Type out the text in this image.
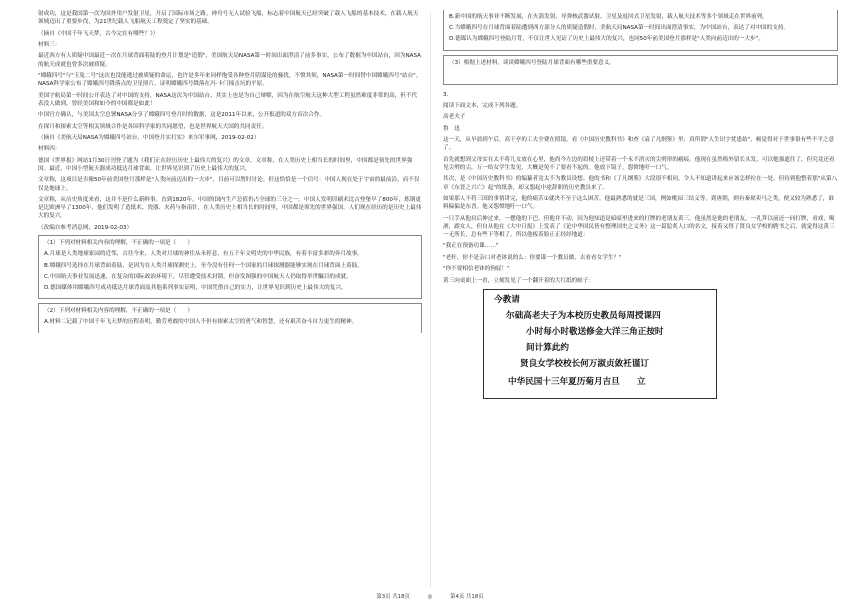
射成功，这是我国第一次为国外用户发射卫星，开启了国际市场之路。神舟号无人试验飞船，标志着中国航天已经突破了载人飞船的基本技术，在载人航天领域迈出了重要步伐，为21世纪载人飞船航天工程奠定了坚实的基础。

（摘自《中国千年飞天梦，古今完在有哪些？》）

材料三：

最近西方有人质疑中国最近一次在月球背面着陆的登月计划是"造假"，美国航天局NASA第一时间出面澄清了前多事实，公布了数据为中国站台，因为NASA的航天成就也曾多次被质疑。

"嫦娥四号"与"玉兔二号"这次也没能逃过被质疑的命运，也许是多年来同样饱受各种登月阴谋论的骚扰，不愤其烦，NASA第一时间替中国嫦娥四号"站台"。NASA科学家公布了嫦娥四号降落点的卫星照片，证明嫦娥四号降落在冯·卡门撞击坑的平原。

美国宇航局第一时间公开表达了对中国的支持，NASA这次为中国站台，其实上也是为自己辩解，因为在航空航天这种大型工程虽然难度非常的高，但不代表没人做到，曾经美国和如今的中国都是如此！

中国官方确认，与美国太空总署NASA分享了嫦娥四号登月时的数据，这是2011年以来，公开报道的双方首次合作。

在探月和探索太空等相关领域合作是各国科学家的共同愿望，也是世界航天大国的共同责任。

（摘自《美航天局NASA为嫦娥四号站台，中国登月实打实》来尔军事网，2019-02-02）

材料四：

德国《世界报》网站1月30日刊登了题为《我们正在经历历史上最伟大的复兴》的文章。文章称，在人类历史上相当长的时间里，中国都是领先的世界强国。最近，中国小型航天器成功抵达月球背面，让世界见识到了历史上最伟大的复兴。

文章称，这项目是否像50年前美国登月那样是"人类向前迈出的一大步"，目前可以暂时讨论。但这恰恰是一个信号：中国人现在处于宇宙的最前沿，而不仅仅是地球上。

文章称，从历史角度来看，这并不是什么新鲜事。直到1820年，中国的国内生产总值仍占全球的三分之一。中国人发明印刷术比古登堡早了800年，炼钢更是比欧洲早了1300年，他们发明了造纸术、瓷器、火药与指南针，在人类历史上相当长的时间里，中国都是领先的世界强国。人们现在经历的是历史上最伟大的复兴。

（改编自参考消息网，2019-02-03）

（1）下列对材料相关内容的理解，不正确的一项是（　　）

A.月球是人类地球家园的近邻，古往今来，人类对月球的神往从未停息，有五千年文明史的中华民族，有着丰富多彩的奔月故事。

B.嫦娥四号选择在月球背面着陆，是因为在人类月球探测史上，至今没有任何一个国家的月球探测器能够实现在月球背面上着陆。

C.中国航天事业发展迅速，在复杂的国际政治环境下，尽管遭受技术封锁，但奋发图强的中国航天人仍取得举世瞩目的成就。

D.德国媒体用嫦娥四号成功抵达月球背面及其他系列事实证明，中国凭借自己的实力，让世界见识到历史上最伟大的复兴。

（2）下列对材料相关内容的理解，不正确的一项是（　　）

A.材料二记载了中国千年飞天梦的历程表明，勤劳勇敢的中国人不但有探索太空的勇气和智慧，还有艰苦奋斗自力更生的精神。

B.新中国的航天事业不断发展，在火箭发射、导弹核武器试射、卫星及返回式卫星发射，载人航天技术等多个领域走在世界前列。

C.当嫦娥四号在月球背面着陆遭到西方部分人的质疑造假时，美航天局NASA第一时间出面澄清事实，为中国站台，表达了对中国的支持。

D.德媒认为嫦娥四号登陆月背，不仅让世人见证了历史上最伟大的复兴，也同50年前美国登月那样是"人类向前迈出的一大步"。

（3）根据上述材料，谈谈嫦娥四号登陆月球背面有哪些重要意义。

3.

阅读下面文本，完成下列各题。

高老夫子

鲁　迅

这一天，从早晨到午后，高干亭的工夫全费在照镜，看《中国历史教科书》和查《袁了凡纲鉴》里；真所谓"人生识字忧患始"，顿觉得对于世事很有些不平之意了。

首先就想到父母实在太不将儿女放在心里，他尚今左边的眉棱上还带着一个永不消灭的尖劈形的瘢痕。他现在虽然格外留长头发，可以勉强遮住了，但究竟还看见尖劈的尖，万一给女学生发见，大概是免不了要看不起的。他放下镜子，怨愤地吁一口气。

其次，是《中国历史教科书》的编纂者竟太不为教员设想。他的书和《了凡纲鉴》大段很不相同，令人不知道讲起来应该怎样拉在一处。但待到他整着那"从第八章《东晋之兴亡》起"的纸条，却又怨起中途辞职的历史教员来了。

如果那人不将三国的事情讲完，他的痛苦①就决不至于这么困苦。他最熟悉的就是三国，例如桃园三结义等。到唐朝，则有秦琼卖马之类，便又较为熟悉了，谁料偏偏是东晋。他又怨愤地吁一口气。

一只手从他肩后伸过来，一摆他的下巴。但他并不动，因为他知道是暗暗里进来的打牌的老朋友黄三。他虽然是他的老朋友，一礼拜以前还一同打牌，看戏，喝酒，跟女人，但自从他在《大中日报》上发表了《论中华国民皆有整理国史之义务》这一篇脍炙人口的名文，接着又得了贤良女学校的聘书之后，就觉得这黄三一无所长，总有些下等相了。所以他板着脸正正经经地道：

"我正在预备功课……"

"老杆，你不是亲口对老钵说的么：你要谋一个教员做，去看看女学生？"

"你不要相信老钵的狗屁！"

黄三向桌面上一看，立刻发见了一个翻开着的大红纸的帖子：

今教请
尔础高老夫子为本校历史教员每周授课四
小时每小时敬送修金大洋三角正按时
间计算此约
贤良女学校校长何万淑贞敛衽谨订
中华民国十三年夏历菊月吉旦　　立
第3页 共18页	◎	第4页 共18页
